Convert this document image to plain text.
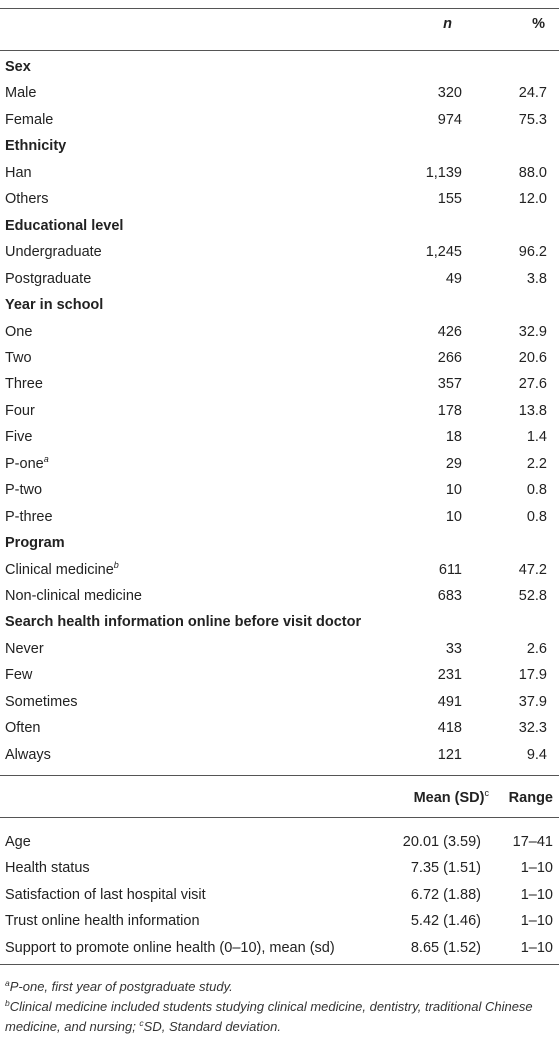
n	%
Sex
Male	320	24.7
Female	974	75.3
Ethnicity
Han	1,139	88.0
Others	155	12.0
Educational level
Undergraduate	1,245	96.2
Postgraduate	49	3.8
Year in school
One	426	32.9
Two	266	20.6
Three	357	27.6
Four	178	13.8
Five	18	1.4
P-one$^a$	29	2.2
P-two	10	0.8
P-three	10	0.8
Program
Clinical medicine$^b$	611	47.2
Non-clinical medicine	683	52.8
Search health information online before visit doctor
Never	33	2.6
Few	231	17.9
Sometimes	491	37.9
Often	418	32.3
Always	121	9.4
Mean (SD)$^c$ Range
Age	20.01 (3.59) 17–41
Health status	7.35 (1.51)	1–10
Satisfaction of last hospital visit	6.72 (1.88)	1–10
Trust online health information	5.42 (1.46)	1–10
Support to promote online health (0–10), mean (sd)	8.65 (1.52)	1–10

$^a$P-one, first year of postgraduate study.

$^b$Clinical medicine included students studying clinical medicine, dentistry, traditional Chinese medicine, and nursing; $^c$SD, Standard deviation.
